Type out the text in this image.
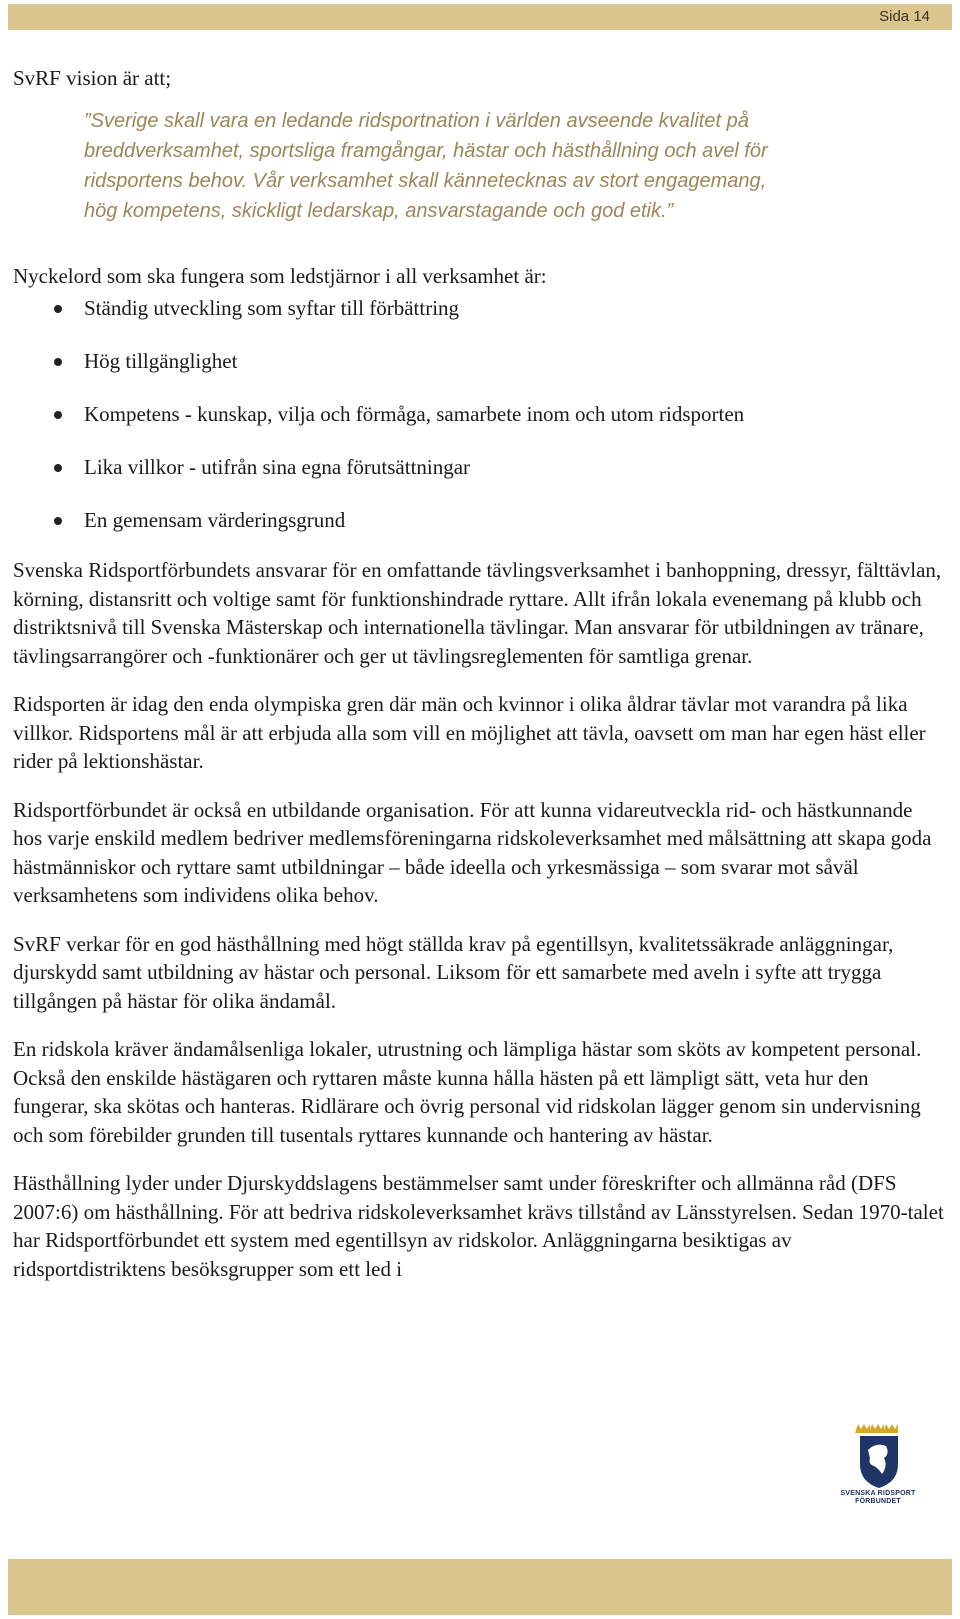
Sida 14

SvRF vision är att;

”Sverige skall vara en ledande ridsportnation i världen avseende kvalitet på breddverksamhet, sportsliga framgångar, hästar och hästhållning och avel för ridsportens behov. Vår verksamhet skall kännetecknas av stort engagemang, hög kompetens, skickligt ledarskap, ansvarstagande och god etik.”

Nyckelord som ska fungera som ledstjärnor i all verksamhet är:

Ständig utveckling som syftar till förbättring
Hög tillgänglighet
Kompetens - kunskap, vilja och förmåga, samarbete inom och utom ridsporten
Lika villkor - utifrån sina egna förutsättningar
En gemensam värderingsgrund

Svenska Ridsportförbundets ansvarar för en omfattande tävlingsverksamhet i banhoppning, dressyr, fälttävlan, körning, distansritt och voltige samt för funktionshindrade ryttare. Allt ifrån lokala evenemang på klubb och distriktsnivå till Svenska Mästerskap och internationella tävlingar. Man ansvarar för utbildningen av tränare, tävlingsarrangörer och -funktionärer och ger ut tävlingsreglementen för samtliga grenar.

Ridsporten är idag den enda olympiska gren där män och kvinnor i olika åldrar tävlar mot varandra på lika villkor. Ridsportens mål är att erbjuda alla som vill en möjlighet att tävla, oavsett om man har egen häst eller rider på lektionshästar.

Ridsportförbundet är också en utbildande organisation. För att kunna vidareutveckla rid- och hästkunnande hos varje enskild medlem bedriver medlemsföreningarna ridskoleverksamhet med målsättning att skapa goda hästmänniskor och ryttare samt utbildningar – både ideella och yrkesmässiga – som svarar mot såväl verksamhetens som individens olika behov.

SvRF verkar för en god hästhållning med högt ställda krav på egentillsyn, kvalitetssäkrade anläggningar, djurskydd samt utbildning av hästar och personal. Liksom för ett samarbete med aveln i syfte att trygga tillgången på hästar för olika ändamål.

En ridskola kräver ändamålsenliga lokaler, utrustning och lämpliga hästar som sköts av kompetent personal. Också den enskilde hästägaren och ryttaren måste kunna hålla hästen på ett lämpligt sätt, veta hur den fungerar, ska skötas och hanteras. Ridlärare och övrig personal vid ridskolan lägger genom sin undervisning och som förebilder grunden till tusentals ryttares kunnande och hantering av hästar.

Hästhållning lyder under Djurskyddslagens bestämmelser samt under föreskrifter och allmänna råd (DFS 2007:6) om hästhållning. För att bedriva ridskoleverksamhet krävs tillstånd av Länsstyrelsen. Sedan 1970-talet har Ridsportförbundet ett system med egentillsyn av ridskolor. Anläggningarna besiktigas av ridsportdistriktens besöksgrupper som ett led i

SVENSKA RIDSPORT
FÖRBUNDET
